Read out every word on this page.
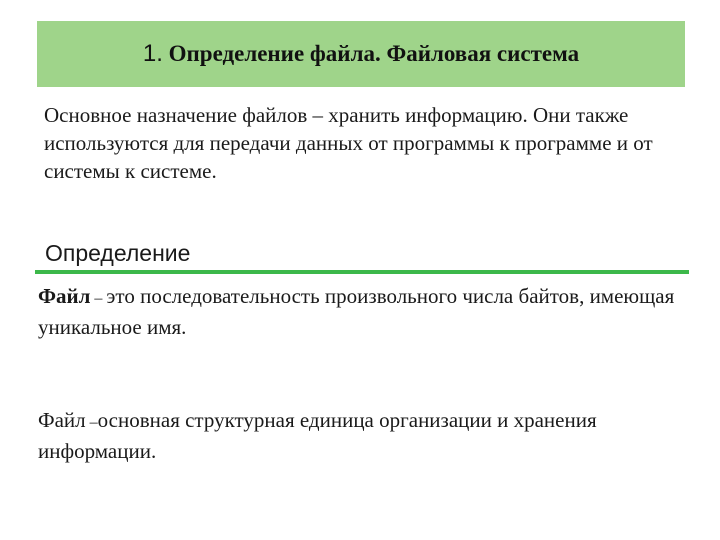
1. Определение файла. Файловая система

Основное назначение файлов – хранить информацию. Они также используются для передачи данных от программы к программе и от системы к системе.

Определение

Файл – это последовательность произвольного числа байтов, имеющая уникальное имя.

Файл –основная структурная единица организации и хранения информации.
